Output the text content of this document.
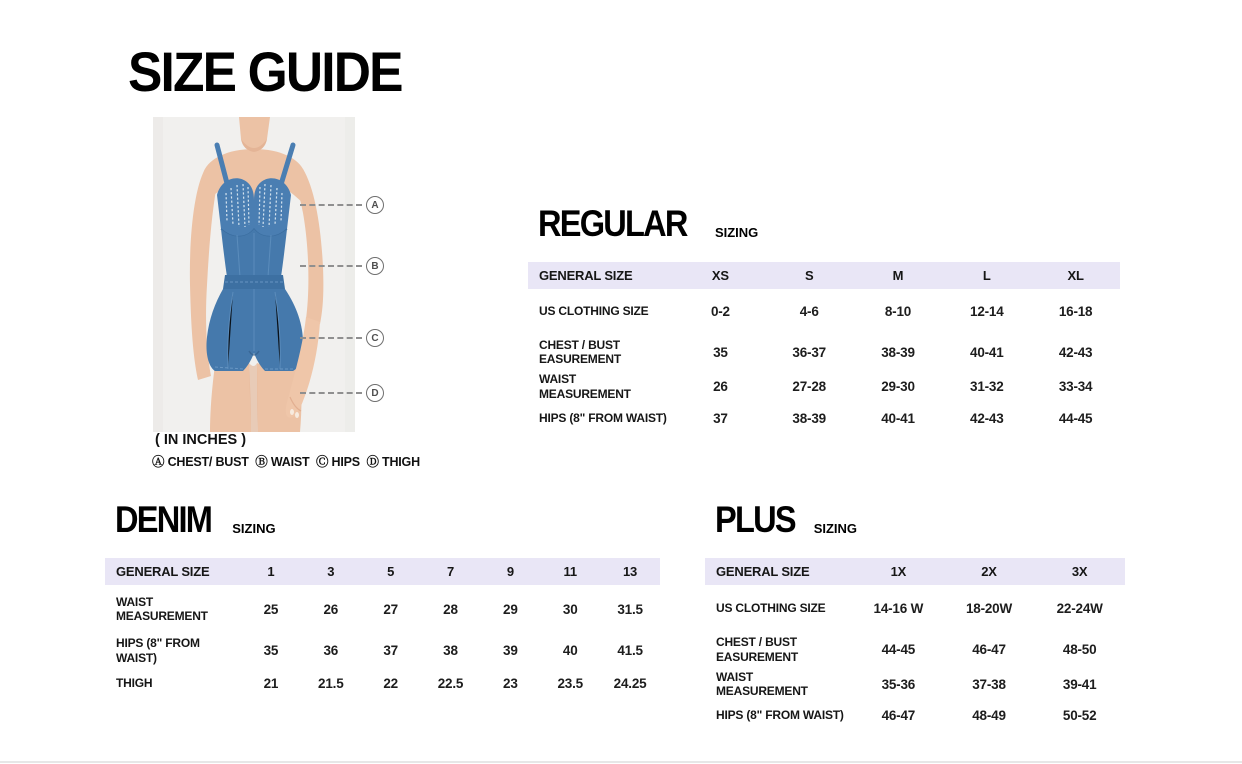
SIZE GUIDE
A
B
C
D
( IN INCHES )
Ⓐ CHEST/ BUST  Ⓑ WAIST  Ⓒ HIPS  Ⓓ THIGH
REGULAR SIZING
GENERAL SIZE	XS	S	M	L	XL
US CLOTHING SIZE	0-2	4-6	8-10	12-14	16-18
CHEST / BUST EASUREMENT	35	36-37	38-39	40-41	42-43
WAIST MEASUREMENT	26	27-28	29-30	31-32	33-34
HIPS (8" FROM WAIST)	37	38-39	40-41	42-43	44-45
DENIM SIZING
GENERAL SIZE	1	3	5	7	9	11	13
WAIST MEASUREMENT	25	26	27	28	29	30	31.5
HIPS (8" FROM WAIST)	35	36	37	38	39	40	41.5
THIGH	21	21.5	22	22.5	23	23.5	24.25
PLUS SIZING
GENERAL SIZE	1X	2X	3X
US CLOTHING SIZE	14-16 W	18-20W	22-24W
CHEST / BUST EASUREMENT	44-45	46-47	48-50
WAIST MEASUREMENT	35-36	37-38	39-41
HIPS (8" FROM WAIST)	46-47	48-49	50-52
